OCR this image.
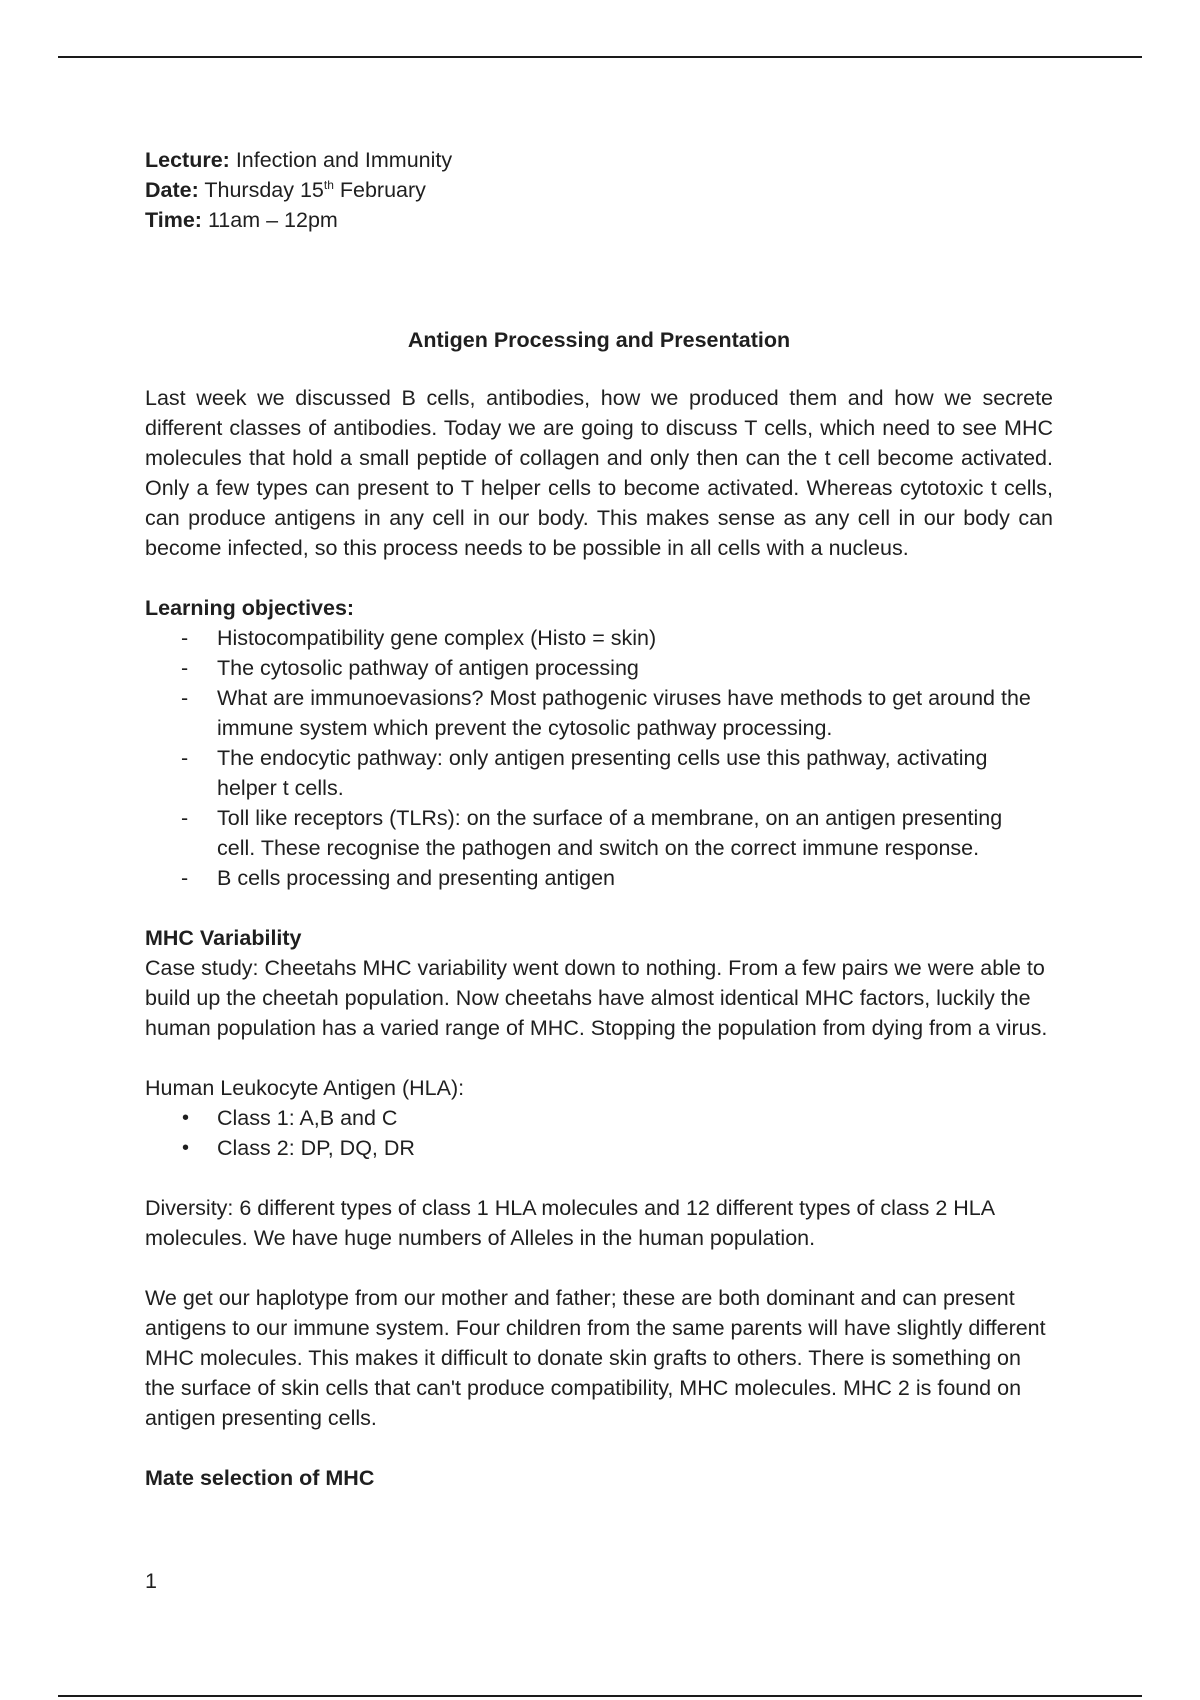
Lecture: Infection and Immunity

Date: Thursday 15th February

Time: 11am – 12pm

Antigen Processing and Presentation

Last week we discussed B cells, antibodies, how we produced them and how we secrete different classes of antibodies. Today we are going to discuss T cells, which need to see MHC molecules that hold a small peptide of collagen and only then can the t cell become activated. Only a few types can present to T helper cells to become activated. Whereas cytotoxic t cells, can produce antigens in any cell in our body. This makes sense as any cell in our body can become infected, so this process needs to be possible in all cells with a nucleus.

Learning objectives:

- Histocompatibility gene complex (Histo = skin)
- The cytosolic pathway of antigen processing
- What are immunoevasions? Most pathogenic viruses have methods to get around the immune system which prevent the cytosolic pathway processing.
- The endocytic pathway: only antigen presenting cells use this pathway, activating helper t cells.
- Toll like receptors (TLRs): on the surface of a membrane, on an antigen presenting cell. These recognise the pathogen and switch on the correct immune response.
- B cells processing and presenting antigen

MHC Variability

Case study: Cheetahs MHC variability went down to nothing. From a few pairs we were able to build up the cheetah population. Now cheetahs have almost identical MHC factors, luckily the human population has a varied range of MHC. Stopping the population from dying from a virus.

Human Leukocyte Antigen (HLA):

• Class 1: A,B and C
• Class 2: DP, DQ, DR

Diversity: 6 different types of class 1 HLA molecules and 12 different types of class 2 HLA molecules. We have huge numbers of Alleles in the human population.

We get our haplotype from our mother and father; these are both dominant and can present antigens to our immune system. Four children from the same parents will have slightly different MHC molecules. This makes it difficult to donate skin grafts to others. There is something on the surface of skin cells that can't produce compatibility, MHC molecules. MHC 2 is found on antigen presenting cells.

Mate selection of MHC

1
